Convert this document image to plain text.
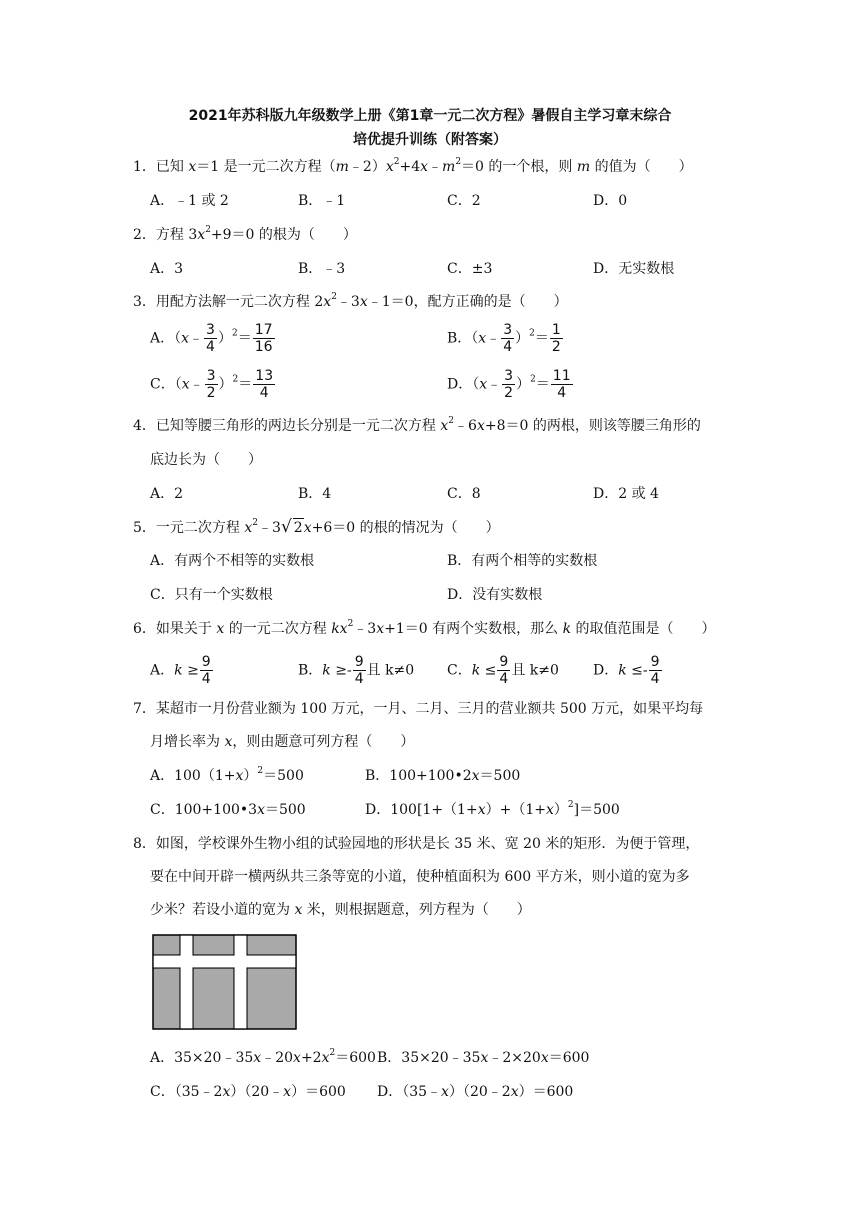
2021年苏科版九年级数学上册《第1章一元二次方程》暑假自主学习章末综合
培优提升训练（附答案）
1．已知 x＝1 是一元二次方程$(m﹣2)x^2+4x﹣m^2=0$ 的一个根，则 m 的值为（　　）
A．﹣1 或 2	B．﹣1	C．2	D．0
2．方程 $3x^2+9=0$ 的根为（　　）
A．3	B．﹣3	C．±3	D．无实数根
3．用配方法解一元二次方程 $2x^2﹣3x﹣1=0$，配方正确的是（　　）
A．（x﹣ $\frac{3}{4} )^2= \frac{17}{16}$	B．（x﹣ $\frac{3}{4} )^2= \frac{1}{2}$
C．（x﹣ $\frac{3}{2} )^2= \frac{13}{4}$	D．（x﹣ $\frac{3}{2} )^2= \frac{11}{4}$
4．已知等腰三角形的两边长分别是一元二次方程 $x^2﹣6x+8=0$ 的两根，则该等腰三角形的
底边长为（　　）
A．2	B．4	C．8	D．2 或 4
5．一元二次方程 $x^2﹣3√$ 2x+6＝0 的根的情况为（　　）
A．有两个不相等的实数根	B．有两个相等的实数根
C．只有一个实数根	D．没有实数根
6．如果关于 x 的一元二次方程 $kx^2﹣3x+1=0$ 有两个实数根，那么 k 的取值范围是（　　）
A．$k \ge \frac{9}{4}$	B．$k \ge- \frac{9}{4}$ 且 k≠0 C．$k \le \frac{9}{4}$ 且 k≠0 D．$k \le- \frac{9}{4}$
7．某超市一月份营业额为 100 万元，一月、二月、三月的营业额共 500 万元，如果平均每
月增长率为 x，则由题意可列方程（　　）
A．$100(1+x)^2=500$	B．100+100•2x＝500
C．100+100•3x＝500	D．$100[1+(1+x)+(1+x)^2]=500$
8．如图，学校课外生物小组的试验园地的形状是长 35 米、宽 20 米的矩形．为便于管理，
要在中间开辟一横两纵共三条等宽的小道，使种植面积为 600 平方米，则小道的宽为多
少米？若设小道的宽为 x 米，则根据题意，列方程为（　　）
A．$35\times 20﹣35x﹣20x+2x^2=600$ B．35×20﹣35x﹣2×20x＝600
C．（35﹣2x）（20﹣x）＝600 D．（35﹣x）（20﹣2x）＝600
